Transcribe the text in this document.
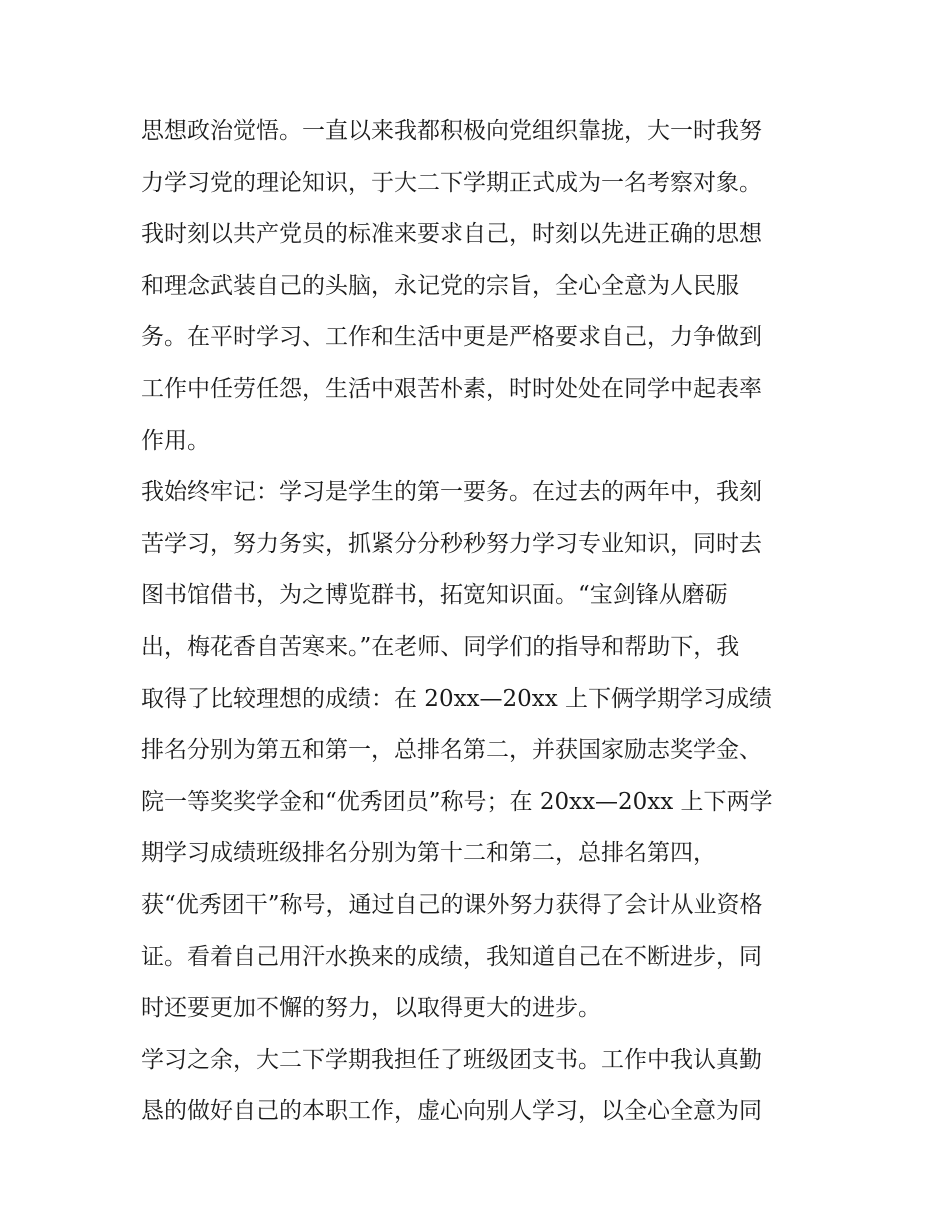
思想政治觉悟。一直以来我都积极向党组织靠拢，大一时我努
力学习党的理论知识，于大二下学期正式成为一名考察对象。
我时刻以共产党员的标准来要求自己，时刻以先进正确的思想
和理念武装自己的头脑，永记党的宗旨，全心全意为人民服
务。在平时学习、工作和生活中更是严格要求自己，力争做到
工作中任劳任怨，生活中艰苦朴素，时时处处在同学中起表率
作用。
我始终牢记：学习是学生的第一要务。在过去的两年中，我刻
苦学习，努力务实，抓紧分分秒秒努力学习专业知识，同时去
图书馆借书，为之博览群书，拓宽知识面。“宝剑锋从磨砺
出，梅花香自苦寒来。”在老师、同学们的指导和帮助下，我
取得了比较理想的成绩：在 20xx—20xx 上下俩学期学习成绩
排名分别为第五和第一，总排名第二，并获国家励志奖学金、
院一等奖奖学金和“优秀团员”称号；在 20xx—20xx 上下两学
期学习成绩班级排名分别为第十二和第二，总排名第四，
获“优秀团干”称号，通过自己的课外努力获得了会计从业资格
证。看着自己用汗水换来的成绩，我知道自己在不断进步，同
时还要更加不懈的努力，以取得更大的进步。
学习之余，大二下学期我担任了班级团支书。工作中我认真勤
恳的做好自己的本职工作，虚心向别人学习，以全心全意为同
